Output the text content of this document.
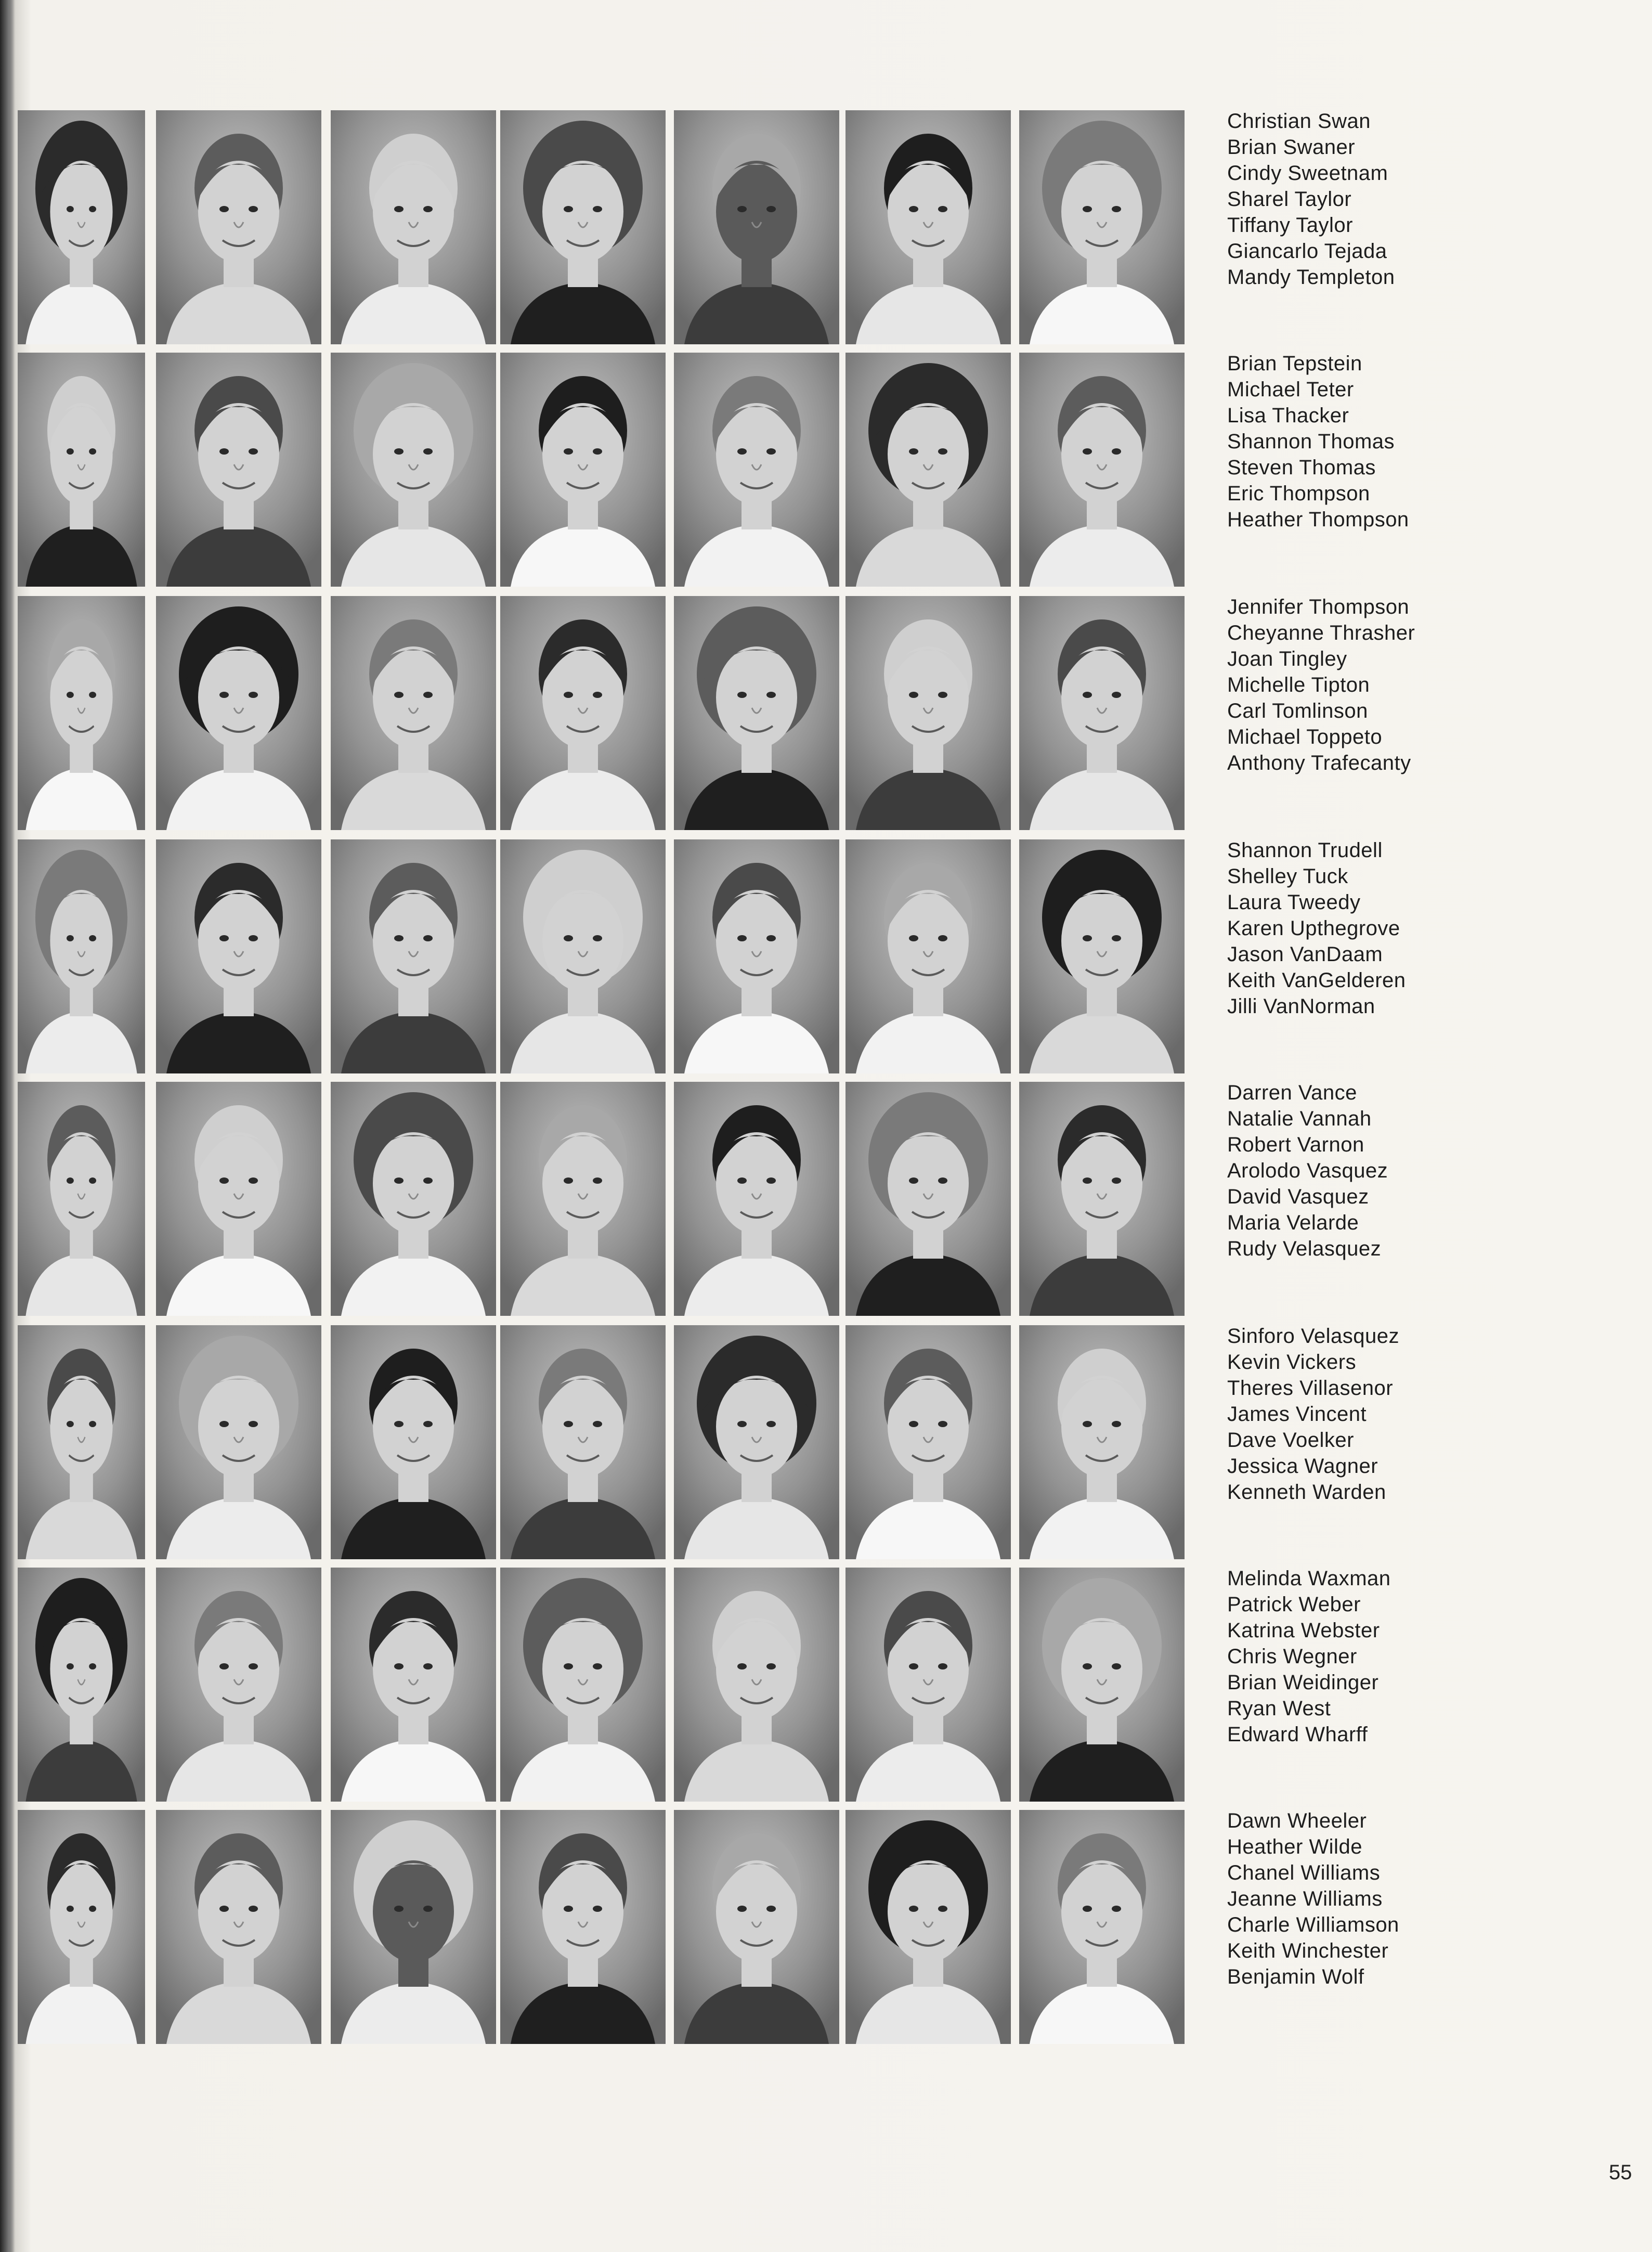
55
Christian Swan
Brian Swaner
Cindy Sweetnam
Sharel Taylor
Tiffany Taylor
Giancarlo Tejada
Mandy Templeton
Brian Tepstein
Michael Teter
Lisa Thacker
Shannon Thomas
Steven Thomas
Eric Thompson
Heather Thompson
Jennifer Thompson
Cheyanne Thrasher
Joan Tingley
Michelle Tipton
Carl Tomlinson
Michael Toppeto
Anthony Trafecanty
Shannon Trudell
Shelley Tuck
Laura Tweedy
Karen Upthegrove
Jason VanDaam
Keith VanGelderen
Jilli VanNorman
Darren Vance
Natalie Vannah
Robert Varnon
Arolodo Vasquez
David Vasquez
Maria Velarde
Rudy Velasquez
Sinforo Velasquez
Kevin Vickers
Theres Villasenor
James Vincent
Dave Voelker
Jessica Wagner
Kenneth Warden
Melinda Waxman
Patrick Weber
Katrina Webster
Chris Wegner
Brian Weidinger
Ryan West
Edward Wharff
Dawn Wheeler
Heather Wilde
Chanel Williams
Jeanne Williams
Charle Williamson
Keith Winchester
Benjamin Wolf
